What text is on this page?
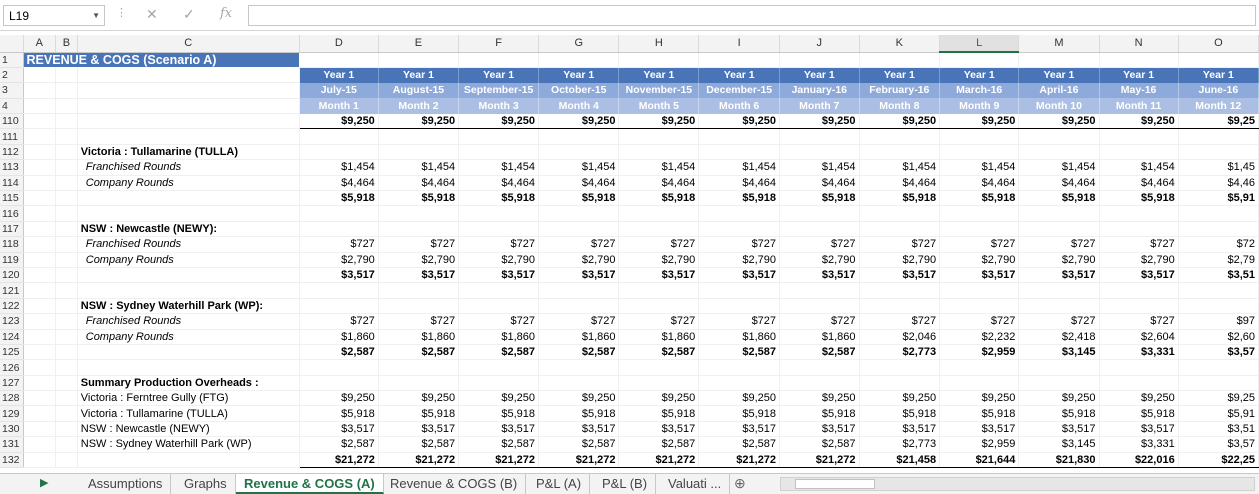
L19	▼ ⋮ ✕ ✓ fx
	A	B	C	D	E	F	G	H	I	J	K	L	M	N	O
1	REVENUE & COGS (Scenario A)														
2				Year 1	Year 1	Year 1	Year 1	Year 1	Year 1	Year 1	Year 1	Year 1	Year 1	Year 1	Year 1
3				July-15	August-15	September-15	October-15	November-15	December-15	January-16	February-16	March-16	April-16	May-16	June-16
4				Month 1	Month 2	Month 3	Month 4	Month 5	Month 6	Month 7	Month 8	Month 9	Month 10	Month 11	Month 12
110				$9,250	$9,250	$9,250	$9,250	$9,250	$9,250	$9,250	$9,250	$9,250	$9,250	$9,250	$9,25
111															
112			Victoria : Tullamarine (TULLA)												
113			Franchised Rounds	$1,454	$1,454	$1,454	$1,454	$1,454	$1,454	$1,454	$1,454	$1,454	$1,454	$1,454	$1,45
114			Company Rounds	$4,464	$4,464	$4,464	$4,464	$4,464	$4,464	$4,464	$4,464	$4,464	$4,464	$4,464	$4,46
115				$5,918	$5,918	$5,918	$5,918	$5,918	$5,918	$5,918	$5,918	$5,918	$5,918	$5,918	$5,91
116															
117			NSW : Newcastle (NEWY):												
118			Franchised Rounds	$727	$727	$727	$727	$727	$727	$727	$727	$727	$727	$727	$72
119			Company Rounds	$2,790	$2,790	$2,790	$2,790	$2,790	$2,790	$2,790	$2,790	$2,790	$2,790	$2,790	$2,79
120				$3,517	$3,517	$3,517	$3,517	$3,517	$3,517	$3,517	$3,517	$3,517	$3,517	$3,517	$3,51
121															
122			NSW : Sydney Waterhill Park (WP):												
123			Franchised Rounds	$727	$727	$727	$727	$727	$727	$727	$727	$727	$727	$727	$97
124			Company Rounds	$1,860	$1,860	$1,860	$1,860	$1,860	$1,860	$1,860	$2,046	$2,232	$2,418	$2,604	$2,60
125				$2,587	$2,587	$2,587	$2,587	$2,587	$2,587	$2,587	$2,773	$2,959	$3,145	$3,331	$3,57
126															
127			Summary Production Overheads :												
128			Victoria : Ferntree Gully (FTG)	$9,250	$9,250	$9,250	$9,250	$9,250	$9,250	$9,250	$9,250	$9,250	$9,250	$9,250	$9,25
129			Victoria : Tullamarine (TULLA)	$5,918	$5,918	$5,918	$5,918	$5,918	$5,918	$5,918	$5,918	$5,918	$5,918	$5,918	$5,91
130			NSW : Newcastle (NEWY)	$3,517	$3,517	$3,517	$3,517	$3,517	$3,517	$3,517	$3,517	$3,517	$3,517	$3,517	$3,51
131			NSW : Sydney Waterhill Park (WP)	$2,587	$2,587	$2,587	$2,587	$2,587	$2,587	$2,587	$2,773	$2,959	$3,145	$3,331	$3,57
132				$21,272	$21,272	$21,272	$21,272	$21,272	$21,272	$21,272	$21,458	$21,644	$21,830	$22,016	$22,25
▶	Assumptions	Graphs	Revenue & COGS (A)	Revenue & COGS (B)	P&L (A)	P&L (B)	Valuati ... ⊕
